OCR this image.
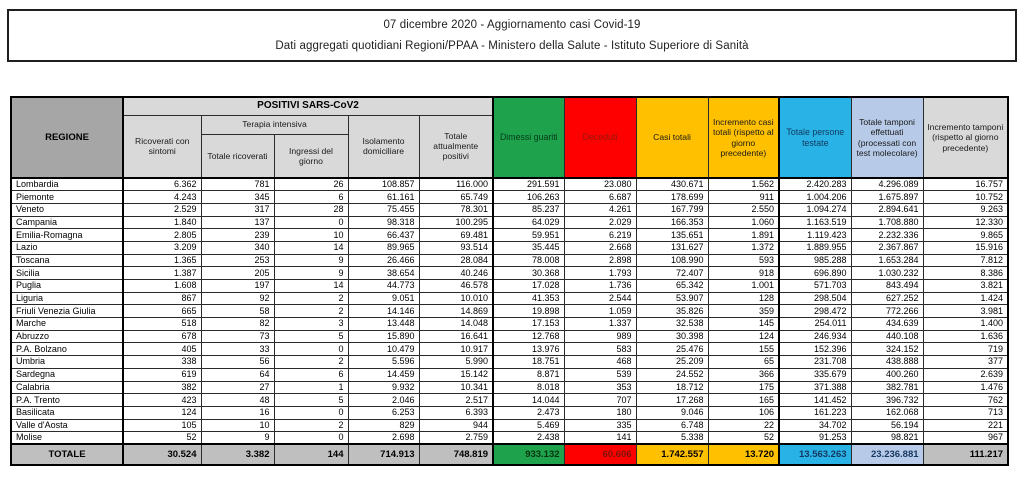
07 dicembre 2020 - Aggiornamento casi Covid-19
Dati aggregati quotidiani Regioni/PPAA - Ministero della Salute - Istituto Superiore di Sanità
REGIONE	POSITIVI SARS-CoV2					Dimessi guariti	Deceduti	Casi totali	Incremento casi totali (rispetto al giorno precedente)	Totale persone testate	Totale tamponi effettuati (processati con test molecolare)	Incremento tamponi (rispetto al giorno precedente)
	Ricoverati con sintomi	Terapia intensiva		Isolamento domiciliare	Totale attualmente positivi							
		Totale ricoverati	Ingressi del giorno									
Lombardia	6.362	781	26	108.857	116.000	291.591	23.080	430.671	1.562	2.420.283	4.296.089	16.757
Piemonte	4.243	345	6	61.161	65.749	106.263	6.687	178.699	911	1.004.206	1.675.897	10.752
Veneto	2.529	317	28	75.455	78.301	85.237	4.261	167.799	2.550	1.094.274	2.894.641	9.263
Campania	1.840	137	0	98.318	100.295	64.029	2.029	166.353	1.060	1.163.519	1.708.880	12.330
Emilia-Romagna	2.805	239	10	66.437	69.481	59.951	6.219	135.651	1.891	1.119.423	2.232.336	9.865
Lazio	3.209	340	14	89.965	93.514	35.445	2.668	131.627	1.372	1.889.955	2.367.867	15.916
Toscana	1.365	253	9	26.466	28.084	78.008	2.898	108.990	593	985.288	1.653.284	7.812
Sicilia	1.387	205	9	38.654	40.246	30.368	1.793	72.407	918	696.890	1.030.232	8.386
Puglia	1.608	197	14	44.773	46.578	17.028	1.736	65.342	1.001	571.703	843.494	3.821
Liguria	867	92	2	9.051	10.010	41.353	2.544	53.907	128	298.504	627.252	1.424
Friuli Venezia Giulia	665	58	2	14.146	14.869	19.898	1.059	35.826	359	298.472	772.266	3.981
Marche	518	82	3	13.448	14.048	17.153	1.337	32.538	145	254.011	434.639	1.400
Abruzzo	678	73	5	15.890	16.641	12.768	989	30.398	124	246.934	440.108	1.636
P.A. Bolzano	405	33	0	10.479	10.917	13.976	583	25.476	155	152.396	324.152	719
Umbria	338	56	2	5.596	5.990	18.751	468	25.209	65	231.708	438.888	377
Sardegna	619	64	6	14.459	15.142	8.871	539	24.552	366	335.679	400.260	2.639
Calabria	382	27	1	9.932	10.341	8.018	353	18.712	175	371.388	382.781	1.476
P.A. Trento	423	48	5	2.046	2.517	14.044	707	17.268	165	141.452	396.732	762
Basilicata	124	16	0	6.253	6.393	2.473	180	9.046	106	161.223	162.068	713
Valle d'Aosta	105	10	2	829	944	5.469	335	6.748	22	34.702	56.194	221
Molise	52	9	0	2.698	2.759	2.438	141	5.338	52	91.253	98.821	967
TOTALE	30.524	3.382	144	714.913	748.819	933.132	60.606	1.742.557	13.720	13.563.263	23.236.881	111.217
